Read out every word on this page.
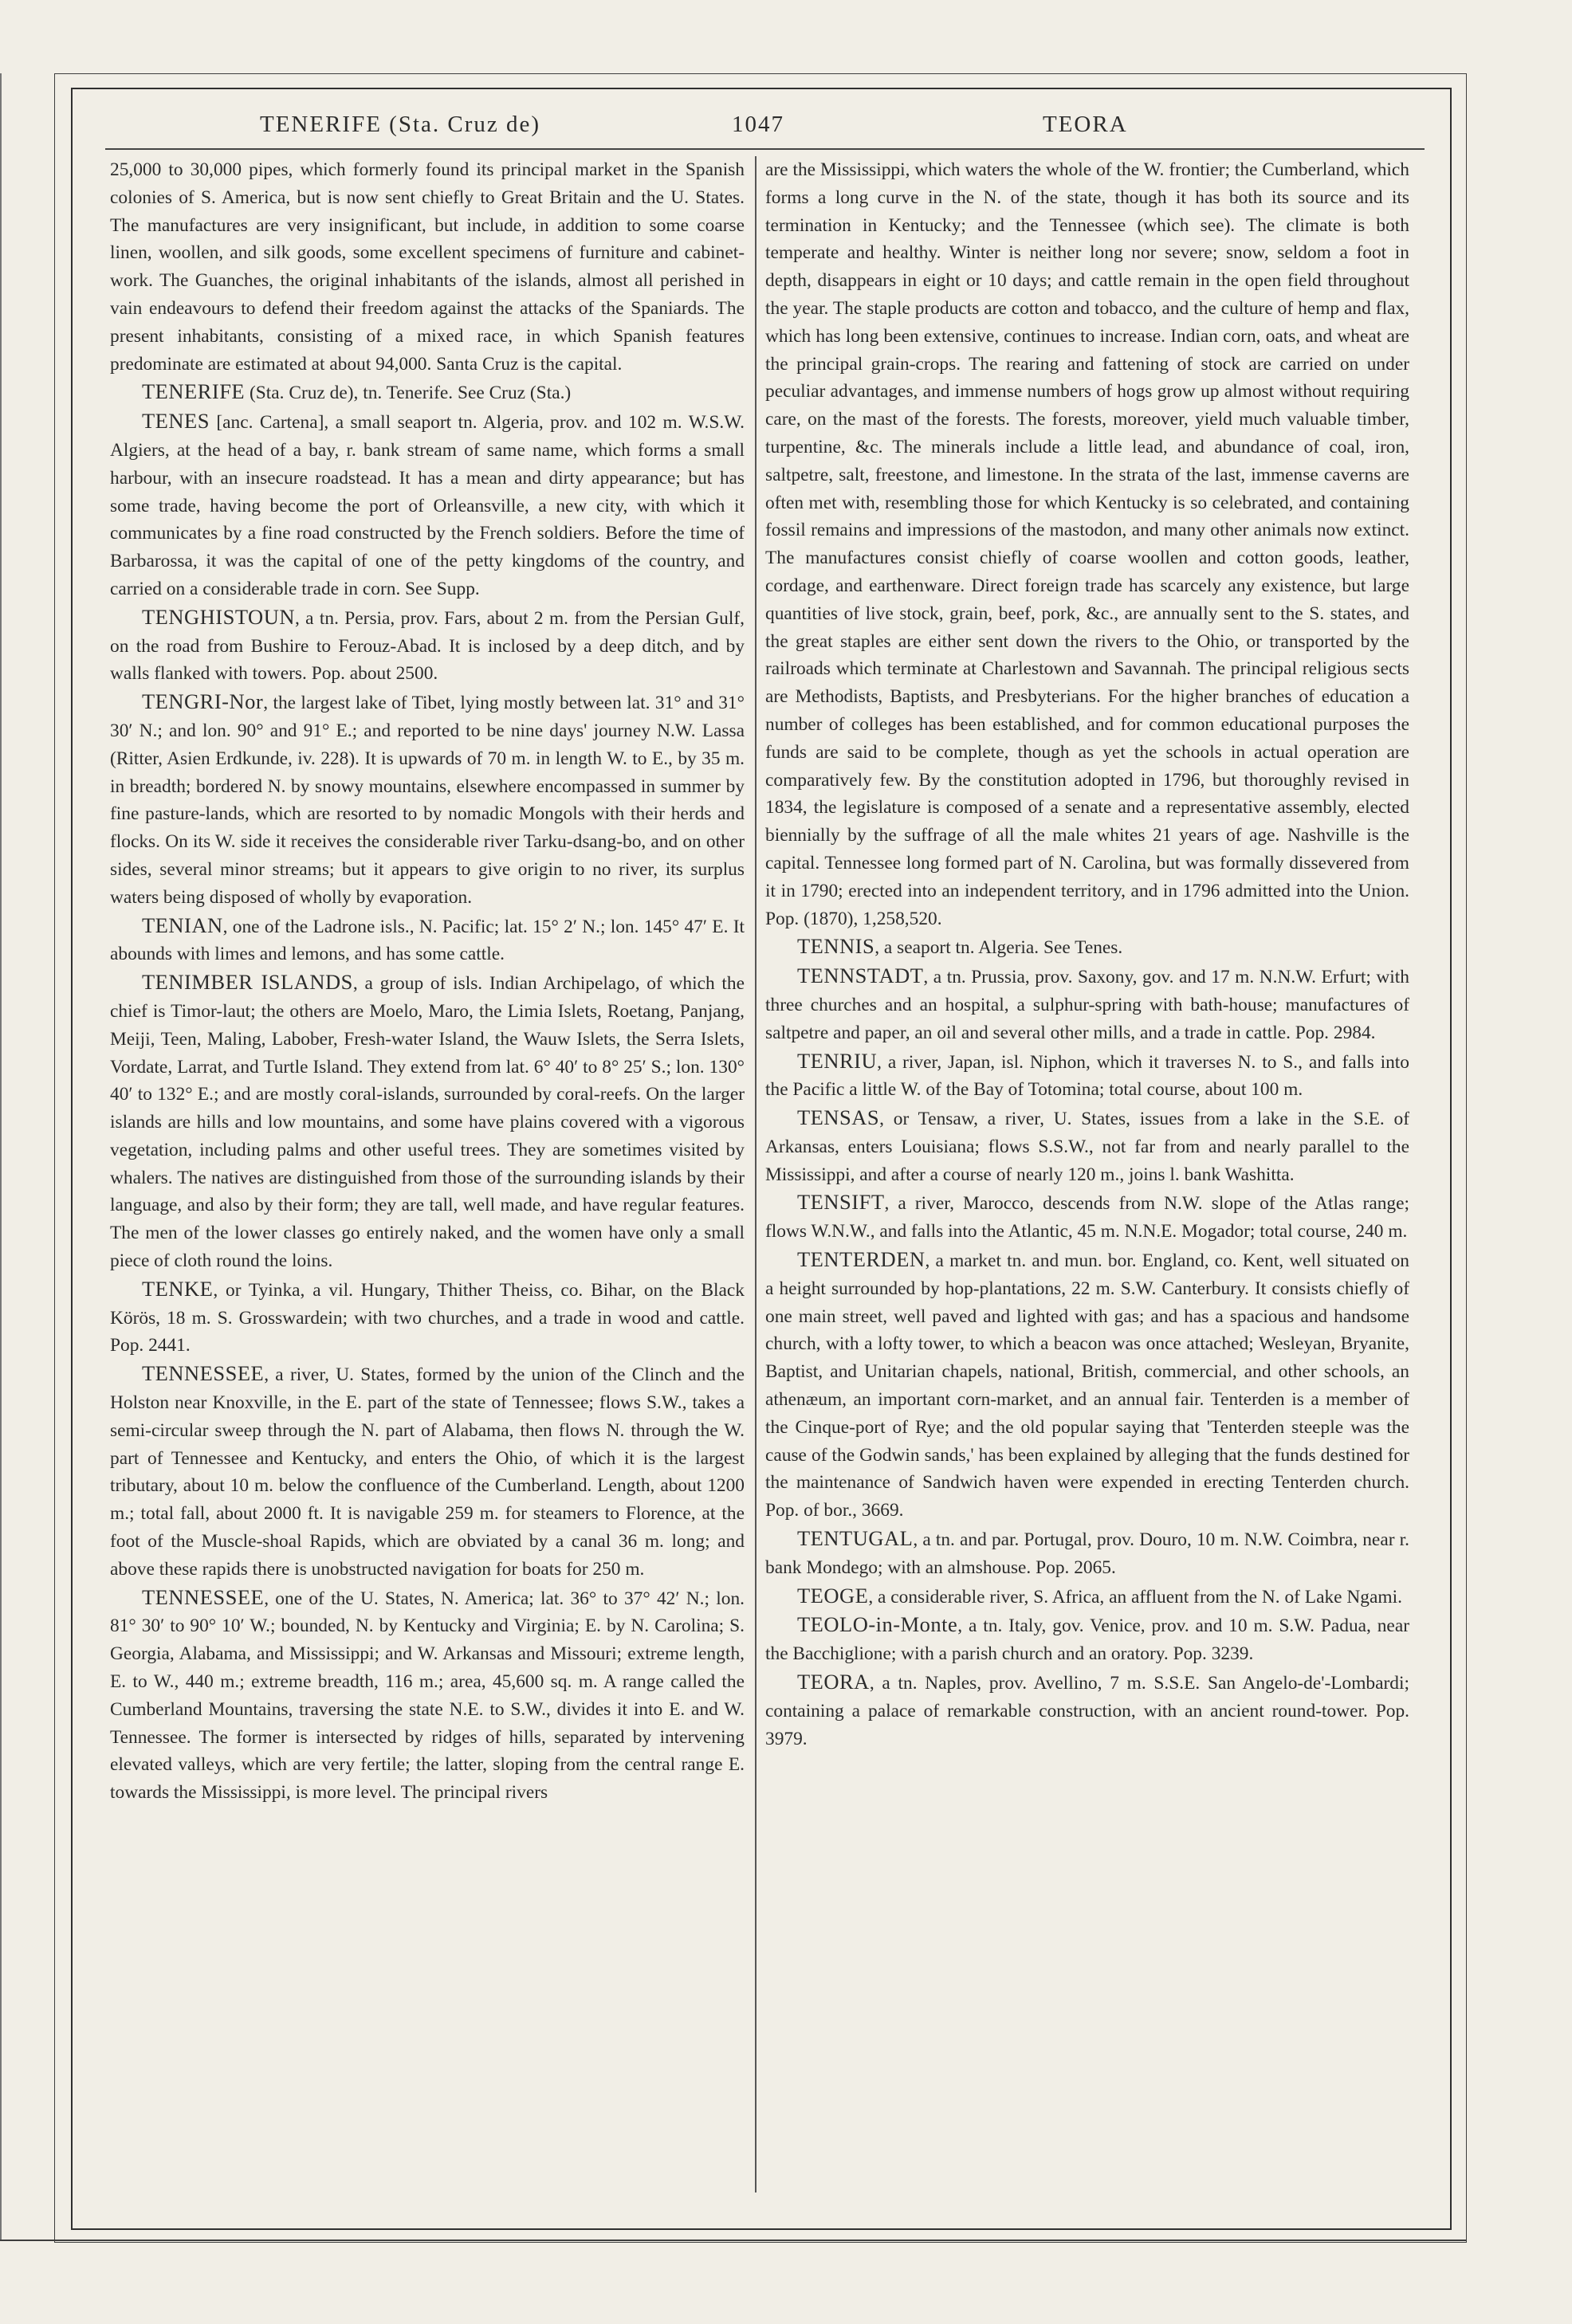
TENERIFE (Sta. Cruz de)	1047	TEORA

25,000 to 30,000 pipes, which formerly found its principal market in the Spanish colonies of S. America, but is now sent chiefly to Great Britain and the U. States. The manufactures are very insignificant, but include, in addition to some coarse linen, woollen, and silk goods, some excellent specimens of furniture and cabinet-work. The Guanches, the original inhabitants of the islands, almost all perished in vain endeavours to defend their freedom against the attacks of the Spaniards. The present inhabitants, consisting of a mixed race, in which Spanish features predominate are estimated at about 94,000. Santa Cruz is the capital.

TENERIFE (Sta. Cruz de), tn. Tenerife. See Cruz (Sta.)

TENES [anc. Cartena], a small seaport tn. Algeria, prov. and 102 m. W.S.W. Algiers, at the head of a bay, r. bank stream of same name, which forms a small harbour, with an insecure roadstead. It has a mean and dirty appearance; but has some trade, having become the port of Orleansville, a new city, with which it communicates by a fine road constructed by the French soldiers. Before the time of Barbarossa, it was the capital of one of the petty kingdoms of the country, and carried on a considerable trade in corn. See Supp.

TENGHISTOUN, a tn. Persia, prov. Fars, about 2 m. from the Persian Gulf, on the road from Bushire to Ferouz-Abad. It is inclosed by a deep ditch, and by walls flanked with towers. Pop. about 2500.

TENGRI-Nor, the largest lake of Tibet, lying mostly between lat. 31° and 31° 30′ N.; and lon. 90° and 91° E.; and reported to be nine days' journey N.W. Lassa (Ritter, Asien Erdkunde, iv. 228). It is upwards of 70 m. in length W. to E., by 35 m. in breadth; bordered N. by snowy mountains, elsewhere encompassed in summer by fine pasture-lands, which are resorted to by nomadic Mongols with their herds and flocks. On its W. side it receives the considerable river Tarku-dsang-bo, and on other sides, several minor streams; but it appears to give origin to no river, its surplus waters being disposed of wholly by evaporation.

TENIAN, one of the Ladrone isls., N. Pacific; lat. 15° 2′ N.; lon. 145° 47′ E. It abounds with limes and lemons, and has some cattle.

TENIMBER ISLANDS, a group of isls. Indian Archipelago, of which the chief is Timor-laut; the others are Moelo, Maro, the Limia Islets, Roetang, Panjang, Meiji, Teen, Maling, Labober, Fresh-water Island, the Wauw Islets, the Serra Islets, Vordate, Larrat, and Turtle Island. They extend from lat. 6° 40′ to 8° 25′ S.; lon. 130° 40′ to 132° E.; and are mostly coral-islands, surrounded by coral-reefs. On the larger islands are hills and low mountains, and some have plains covered with a vigorous vegetation, including palms and other useful trees. They are sometimes visited by whalers. The natives are distinguished from those of the surrounding islands by their language, and also by their form; they are tall, well made, and have regular features. The men of the lower classes go entirely naked, and the women have only a small piece of cloth round the loins.

TENKE, or Tyinka, a vil. Hungary, Thither Theiss, co. Bihar, on the Black Körös, 18 m. S. Grosswardein; with two churches, and a trade in wood and cattle. Pop. 2441.

TENNESSEE, a river, U. States, formed by the union of the Clinch and the Holston near Knoxville, in the E. part of the state of Tennessee; flows S.W., takes a semi-circular sweep through the N. part of Alabama, then flows N. through the W. part of Tennessee and Kentucky, and enters the Ohio, of which it is the largest tributary, about 10 m. below the confluence of the Cumberland. Length, about 1200 m.; total fall, about 2000 ft. It is navigable 259 m. for steamers to Florence, at the foot of the Muscle-shoal Rapids, which are obviated by a canal 36 m. long; and above these rapids there is unobstructed navigation for boats for 250 m.

TENNESSEE, one of the U. States, N. America; lat. 36° to 37° 42′ N.; lon. 81° 30′ to 90° 10′ W.; bounded, N. by Kentucky and Virginia; E. by N. Carolina; S. Georgia, Alabama, and Mississippi; and W. Arkansas and Missouri; extreme length, E. to W., 440 m.; extreme breadth, 116 m.; area, 45,600 sq. m. A range called the Cumberland Mountains, traversing the state N.E. to S.W., divides it into E. and W. Tennessee. The former is intersected by ridges of hills, separated by intervening elevated valleys, which are very fertile; the latter, sloping from the central range E. towards the Mississippi, is more level. The principal rivers

are the Mississippi, which waters the whole of the W. frontier; the Cumberland, which forms a long curve in the N. of the state, though it has both its source and its termination in Kentucky; and the Tennessee (which see). The climate is both temperate and healthy. Winter is neither long nor severe; snow, seldom a foot in depth, disappears in eight or 10 days; and cattle remain in the open field throughout the year. The staple products are cotton and tobacco, and the culture of hemp and flax, which has long been extensive, continues to increase. Indian corn, oats, and wheat are the principal grain-crops. The rearing and fattening of stock are carried on under peculiar advantages, and immense numbers of hogs grow up almost without requiring care, on the mast of the forests. The forests, moreover, yield much valuable timber, turpentine, &c. The minerals include a little lead, and abundance of coal, iron, saltpetre, salt, freestone, and limestone. In the strata of the last, immense caverns are often met with, resembling those for which Kentucky is so celebrated, and containing fossil remains and impressions of the mastodon, and many other animals now extinct. The manufactures consist chiefly of coarse woollen and cotton goods, leather, cordage, and earthenware. Direct foreign trade has scarcely any existence, but large quantities of live stock, grain, beef, pork, &c., are annually sent to the S. states, and the great staples are either sent down the rivers to the Ohio, or transported by the railroads which terminate at Charlestown and Savannah. The principal religious sects are Methodists, Baptists, and Presbyterians. For the higher branches of education a number of colleges has been established, and for common educational purposes the funds are said to be complete, though as yet the schools in actual operation are comparatively few. By the constitution adopted in 1796, but thoroughly revised in 1834, the legislature is composed of a senate and a representative assembly, elected biennially by the suffrage of all the male whites 21 years of age. Nashville is the capital. Tennessee long formed part of N. Carolina, but was formally dissevered from it in 1790; erected into an independent territory, and in 1796 admitted into the Union. Pop. (1870), 1,258,520.

TENNIS, a seaport tn. Algeria. See Tenes.

TENNSTADT, a tn. Prussia, prov. Saxony, gov. and 17 m. N.N.W. Erfurt; with three churches and an hospital, a sulphur-spring with bath-house; manufactures of saltpetre and paper, an oil and several other mills, and a trade in cattle. Pop. 2984.

TENRIU, a river, Japan, isl. Niphon, which it traverses N. to S., and falls into the Pacific a little W. of the Bay of Totomina; total course, about 100 m.

TENSAS, or Tensaw, a river, U. States, issues from a lake in the S.E. of Arkansas, enters Louisiana; flows S.S.W., not far from and nearly parallel to the Mississippi, and after a course of nearly 120 m., joins l. bank Washitta.

TENSIFT, a river, Marocco, descends from N.W. slope of the Atlas range; flows W.N.W., and falls into the Atlantic, 45 m. N.N.E. Mogador; total course, 240 m.

TENTERDEN, a market tn. and mun. bor. England, co. Kent, well situated on a height surrounded by hop-plantations, 22 m. S.W. Canterbury. It consists chiefly of one main street, well paved and lighted with gas; and has a spacious and handsome church, with a lofty tower, to which a beacon was once attached; Wesleyan, Bryanite, Baptist, and Unitarian chapels, national, British, commercial, and other schools, an athenæum, an important corn-market, and an annual fair. Tenterden is a member of the Cinque-port of Rye; and the old popular saying that 'Tenterden steeple was the cause of the Godwin sands,' has been explained by alleging that the funds destined for the maintenance of Sandwich haven were expended in erecting Tenterden church. Pop. of bor., 3669.

TENTUGAL, a tn. and par. Portugal, prov. Douro, 10 m. N.W. Coimbra, near r. bank Mondego; with an almshouse. Pop. 2065.

TEOGE, a considerable river, S. Africa, an affluent from the N. of Lake Ngami.

TEOLO-in-Monte, a tn. Italy, gov. Venice, prov. and 10 m. S.W. Padua, near the Bacchiglione; with a parish church and an oratory. Pop. 3239.

TEORA, a tn. Naples, prov. Avellino, 7 m. S.S.E. San Angelo-de'-Lombardi; containing a palace of remarkable construction, with an ancient round-tower. Pop. 3979.
